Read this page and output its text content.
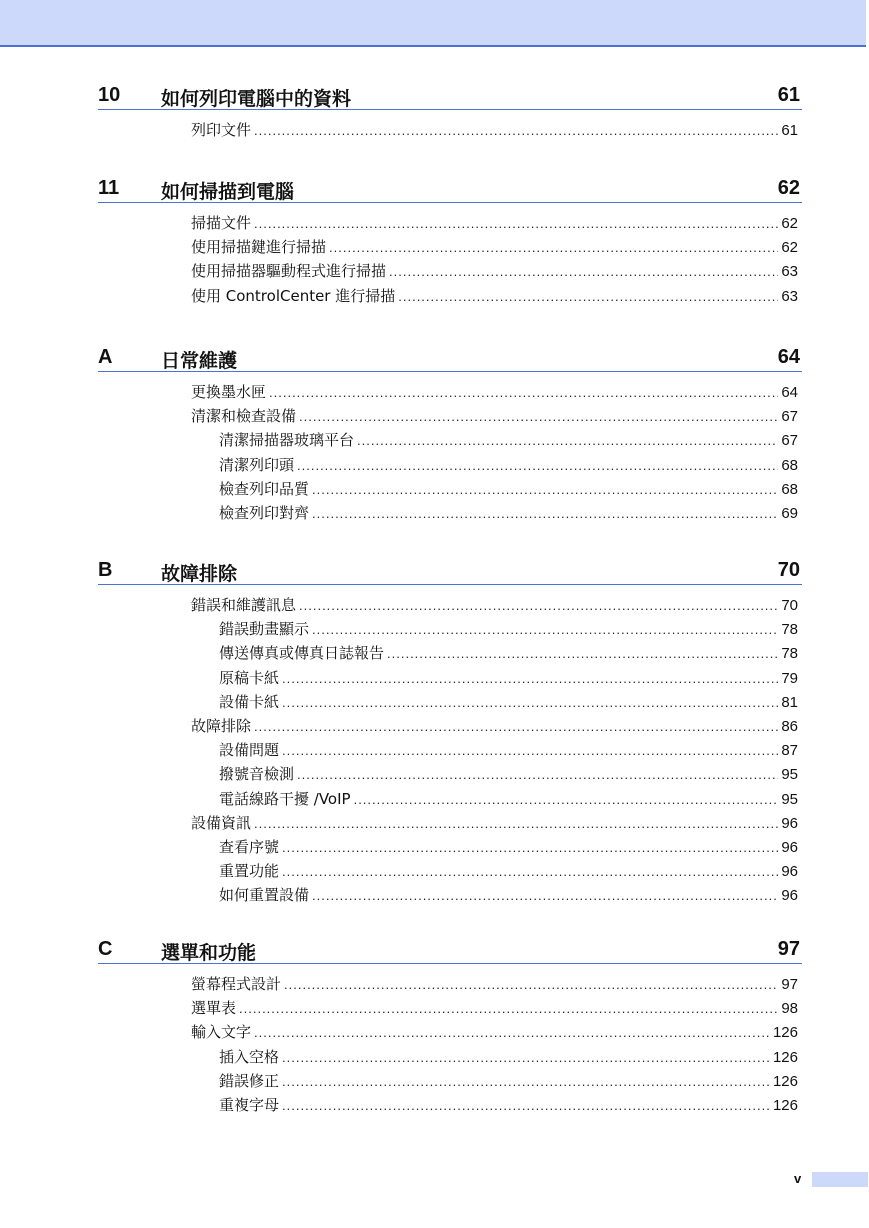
10 如何列印電腦中的資料	61
列印文件 .....	61
11 如何掃描到電腦	62
掃描文件 .....	62
使用掃描鍵進行掃描 .....	62
使用掃描器驅動程式進行掃描 .....	63
使用 ControlCenter 進行掃描 .....	63
A	日常維護	64
更換墨水匣 .....	64
清潔和檢查設備 .....	67
清潔掃描器玻璃平台 .....	67
清潔列印頭 .....	68
檢查列印品質 .....	68
檢查列印對齊 .....	69
B	故障排除	70
錯誤和維護訊息 .....	70
錯誤動畫顯示 .....	78
傳送傳真或傳真日誌報告 .....	78
原稿卡紙 .....	79
設備卡紙 .....	81
故障排除 .....	86
設備問題 .....	87
撥號音檢測 .....	95
電話線路干擾 /VoIP .....	95
設備資訊 .....	96
查看序號 .....	96
重置功能 .....	96
如何重置設備 .....	96
C	選單和功能	97
螢幕程式設計 .....	97
選單表 .....	98
輸入文字 .....	126
插入空格 .....	126
錯誤修正 .....	126
重複字母 .....	126
v
